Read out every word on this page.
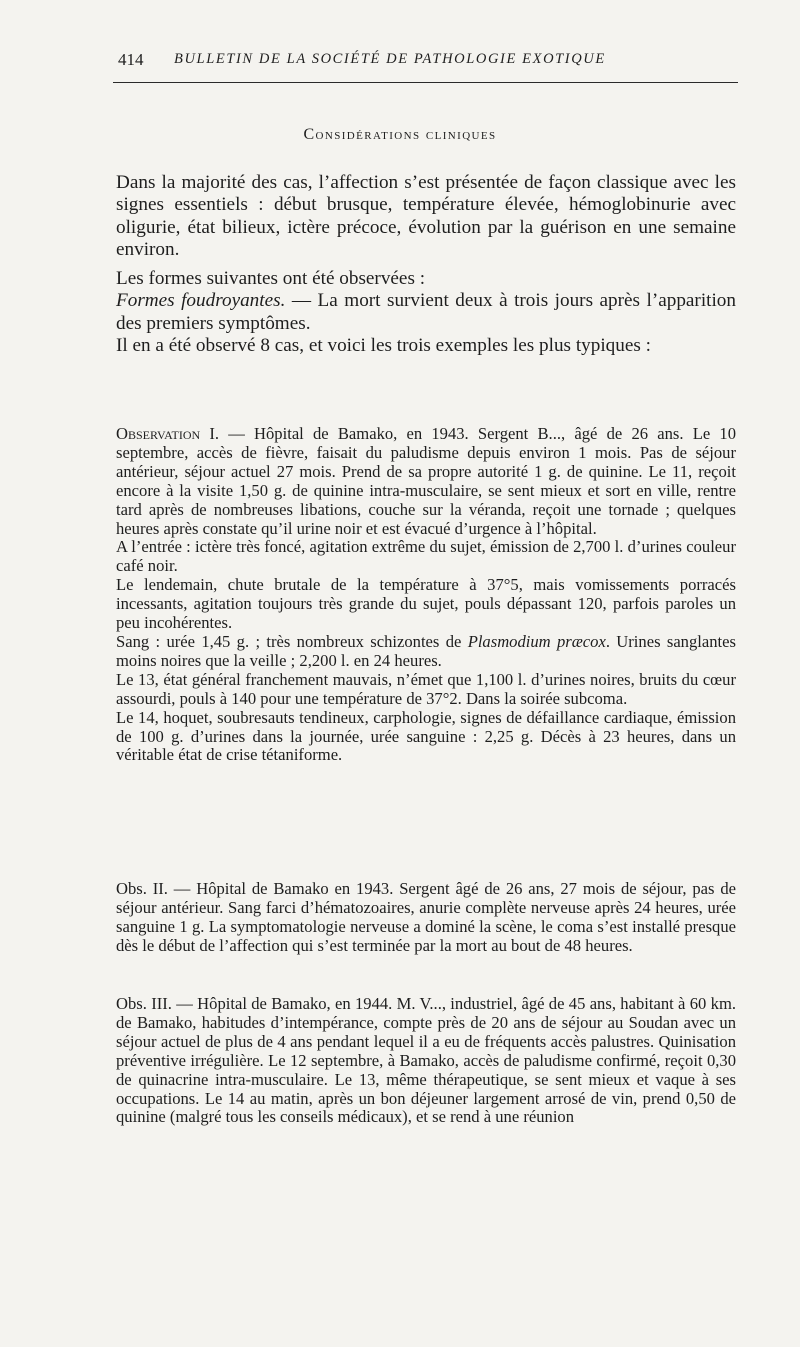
414 BULLETIN DE LA SOCIÉTÉ DE PATHOLOGIE EXOTIQUE
Considérations cliniques

Dans la majorité des cas, l’affection s’est présentée de façon classique avec les signes essentiels : début brusque, température élevée, hémoglobinurie avec oligurie, état bilieux, ictère précoce, évolution par la guérison en une semaine environ.

Les formes suivantes ont été observées :

Formes foudroyantes. — La mort survient deux à trois jours après l’apparition des premiers symptômes.

Il en a été observé 8 cas, et voici les trois exemples les plus typiques :

Observation I. — Hôpital de Bamako, en 1943. Sergent B..., âgé de 26 ans. Le 10 septembre, accès de fièvre, faisait du paludisme depuis environ 1 mois. Pas de séjour antérieur, séjour actuel 27 mois. Prend de sa propre autorité 1 g. de quinine. Le 11, reçoit encore à la visite 1,50 g. de quinine intra-musculaire, se sent mieux et sort en ville, rentre tard après de nombreuses libations, couche sur la véranda, reçoit une tornade ; quelques heures après constate qu’il urine noir et est évacué d’urgence à l’hôpital.

A l’entrée : ictère très foncé, agitation extrême du sujet, émission de 2,700 l. d’urines couleur café noir.

Le lendemain, chute brutale de la température à 37°5, mais vomissements porracés incessants, agitation toujours très grande du sujet, pouls dépassant 120, parfois paroles un peu incohérentes.

Sang : urée 1,45 g. ; très nombreux schizontes de Plasmodium præcox. Urines sanglantes moins noires que la veille ; 2,200 l. en 24 heures.

Le 13, état général franchement mauvais, n’émet que 1,100 l. d’urines noires, bruits du cœur assourdi, pouls à 140 pour une température de 37°2. Dans la soirée subcoma.

Le 14, hoquet, soubresauts tendineux, carphologie, signes de défaillance cardiaque, émission de 100 g. d’urines dans la journée, urée sanguine : 2,25 g. Décès à 23 heures, dans un véritable état de crise tétaniforme.

Obs. II. — Hôpital de Bamako en 1943. Sergent âgé de 26 ans, 27 mois de séjour, pas de séjour antérieur. Sang farci d’hématozoaires, anurie complète nerveuse après 24 heures, urée sanguine 1 g. La symptomatologie nerveuse a dominé la scène, le coma s’est installé presque dès le début de l’affection qui s’est terminée par la mort au bout de 48 heures.

Obs. III. — Hôpital de Bamako, en 1944. M. V..., industriel, âgé de 45 ans, habitant à 60 km. de Bamako, habitudes d’intempérance, compte près de 20 ans de séjour au Soudan avec un séjour actuel de plus de 4 ans pendant lequel il a eu de fréquents accès palustres. Quinisation préventive irrégulière. Le 12 septembre, à Bamako, accès de paludisme confirmé, reçoit 0,30 de quinacrine intra-musculaire. Le 13, même thérapeutique, se sent mieux et vaque à ses occupations. Le 14 au matin, après un bon déjeuner largement arrosé de vin, prend 0,50 de quinine (malgré tous les conseils médicaux), et se rend à une réunion
